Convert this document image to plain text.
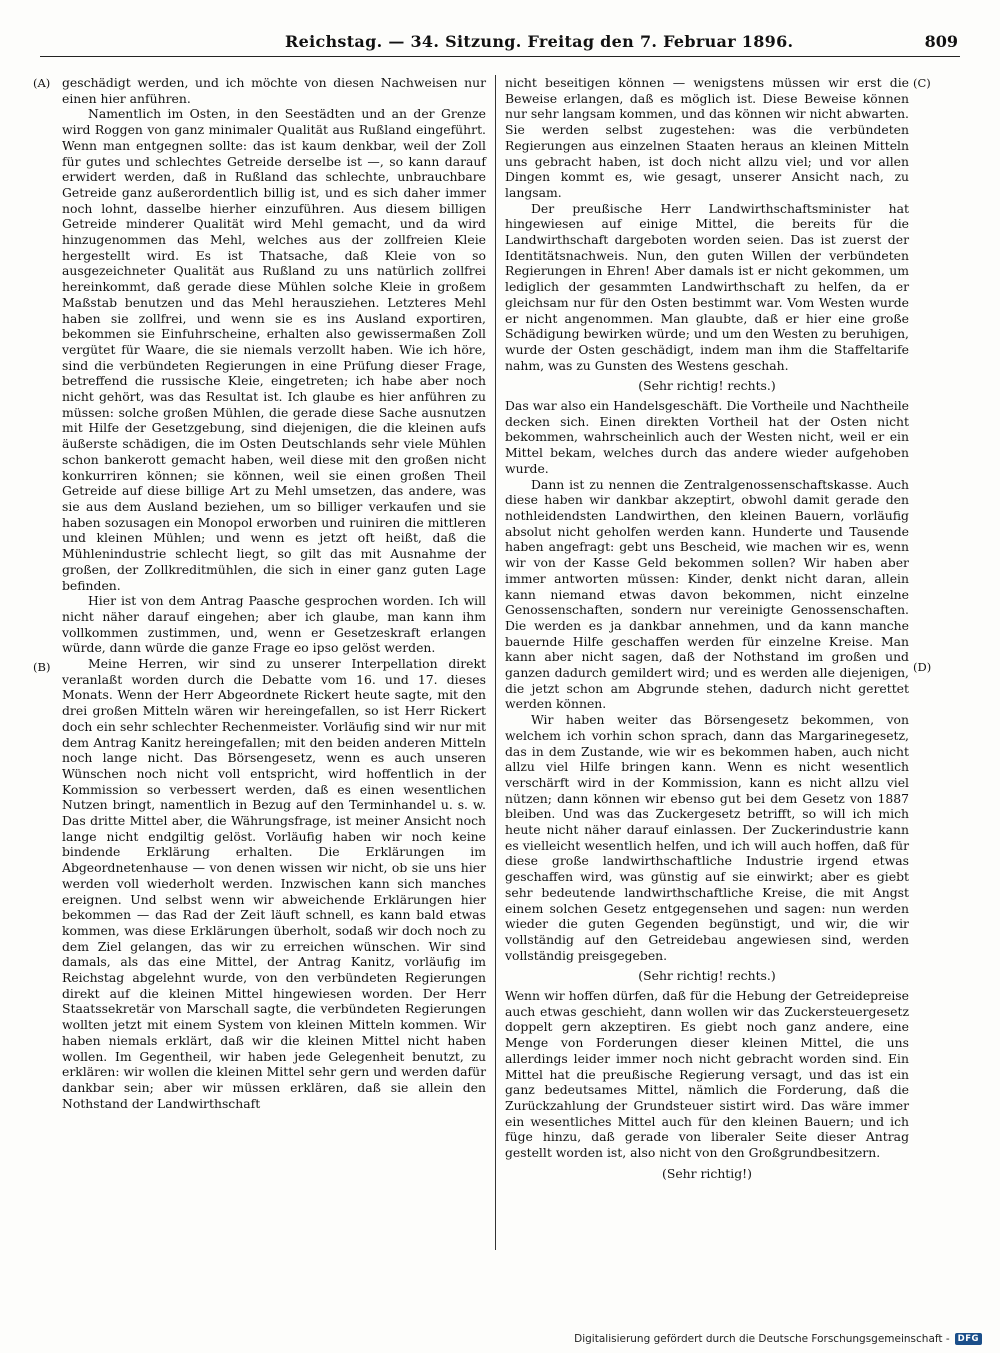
Reichstag. — 34. Sitzung. Freitag den 7. Februar 1896.	809
(A)
(B)
(C)
(D)

geschädigt werden, und ich möchte von diesen Nachweisen nur einen hier anführen.

Namentlich im Osten, in den Seestädten und an der Grenze wird Roggen von ganz minimaler Qualität aus Rußland eingeführt. Wenn man entgegnen sollte: das ist kaum denkbar, weil der Zoll für gutes und schlechtes Getreide derselbe ist —, so kann darauf erwidert werden, daß in Rußland das schlechte, unbrauchbare Getreide ganz außerordentlich billig ist, und es sich daher immer noch lohnt, dasselbe hierher einzuführen. Aus diesem billigen Getreide minderer Qualität wird Mehl gemacht, und da wird hinzugenommen das Mehl, welches aus der zollfreien Kleie hergestellt wird. Es ist Thatsache, daß Kleie von so ausgezeichneter Qualität aus Rußland zu uns natürlich zollfrei hereinkommt, daß gerade diese Mühlen solche Kleie in großem Maßstab benutzen und das Mehl herausziehen. Letzteres Mehl haben sie zollfrei, und wenn sie es ins Ausland exportiren, bekommen sie Einfuhrscheine, erhalten also gewissermaßen Zoll vergütet für Waare, die sie niemals verzollt haben. Wie ich höre, sind die verbündeten Regierungen in eine Prüfung dieser Frage, betreffend die russische Kleie, eingetreten; ich habe aber noch nicht gehört, was das Resultat ist. Ich glaube es hier anführen zu müssen: solche großen Mühlen, die gerade diese Sache ausnutzen mit Hilfe der Gesetzgebung, sind diejenigen, die die kleinen aufs äußerste schädigen, die im Osten Deutschlands sehr viele Mühlen schon bankerott gemacht haben, weil diese mit den großen nicht konkurriren können; sie können, weil sie einen großen Theil Getreide auf diese billige Art zu Mehl umsetzen, das andere, was sie aus dem Ausland beziehen, um so billiger verkaufen und sie haben sozusagen ein Monopol erworben und ruiniren die mittleren und kleinen Mühlen; und wenn es jetzt oft heißt, daß die Mühlenindustrie schlecht liegt, so gilt das mit Ausnahme der großen, der Zollkreditmühlen, die sich in einer ganz guten Lage befinden.

Hier ist von dem Antrag Paasche gesprochen worden. Ich will nicht näher darauf eingehen; aber ich glaube, man kann ihm vollkommen zustimmen, und, wenn er Gesetzeskraft erlangen würde, dann würde die ganze Frage eo ipso gelöst werden.

Meine Herren, wir sind zu unserer Interpellation direkt veranlaßt worden durch die Debatte vom 16. und 17. dieses Monats. Wenn der Herr Abgeordnete Rickert heute sagte, mit den drei großen Mitteln wären wir hereingefallen, so ist Herr Rickert doch ein sehr schlechter Rechenmeister. Vorläufig sind wir nur mit dem Antrag Kanitz hereingefallen; mit den beiden anderen Mitteln noch lange nicht. Das Börsengesetz, wenn es auch unseren Wünschen noch nicht voll entspricht, wird hoffentlich in der Kommission so verbessert werden, daß es einen wesentlichen Nutzen bringt, namentlich in Bezug auf den Terminhandel u. s. w. Das dritte Mittel aber, die Währungsfrage, ist meiner Ansicht noch lange nicht endgiltig gelöst. Vorläufig haben wir noch keine bindende Erklärung erhalten. Die Erklärungen im Abgeordnetenhause — von denen wissen wir nicht, ob sie uns hier werden voll wiederholt werden. Inzwischen kann sich manches ereignen. Und selbst wenn wir abweichende Erklärungen hier bekommen — das Rad der Zeit läuft schnell, es kann bald etwas kommen, was diese Erklärungen überholt, sodaß wir doch noch zu dem Ziel gelangen, das wir zu erreichen wünschen. Wir sind damals, als das eine Mittel, der Antrag Kanitz, vorläufig im Reichstag abgelehnt wurde, von den verbündeten Regierungen direkt auf die kleinen Mittel hingewiesen worden. Der Herr Staatssekretär von Marschall sagte, die verbündeten Regierungen wollten jetzt mit einem System von kleinen Mitteln kommen. Wir haben niemals erklärt, daß wir die kleinen Mittel nicht haben wollen. Im Gegentheil, wir haben jede Gelegenheit benutzt, zu erklären: wir wollen die kleinen Mittel sehr gern und werden dafür dankbar sein; aber wir müssen erklären, daß sie allein den Nothstand der Landwirthschaft

nicht beseitigen können — wenigstens müssen wir erst die Beweise erlangen, daß es möglich ist. Diese Beweise können nur sehr langsam kommen, und das können wir nicht abwarten. Sie werden selbst zugestehen: was die verbündeten Regierungen aus einzelnen Staaten heraus an kleinen Mitteln uns gebracht haben, ist doch nicht allzu viel; und vor allen Dingen kommt es, wie gesagt, unserer Ansicht nach, zu langsam.

Der preußische Herr Landwirthschaftsminister hat hingewiesen auf einige Mittel, die bereits für die Landwirthschaft dargeboten worden seien. Das ist zuerst der Identitätsnachweis. Nun, den guten Willen der verbündeten Regierungen in Ehren! Aber damals ist er nicht gekommen, um lediglich der gesammten Landwirthschaft zu helfen, da er gleichsam nur für den Osten bestimmt war. Vom Westen wurde er nicht angenommen. Man glaubte, daß er hier eine große Schädigung bewirken würde; und um den Westen zu beruhigen, wurde der Osten geschädigt, indem man ihm die Staffeltarife nahm, was zu Gunsten des Westens geschah.

(Sehr richtig! rechts.)

Das war also ein Handelsgeschäft. Die Vortheile und Nachtheile decken sich. Einen direkten Vortheil hat der Osten nicht bekommen, wahrscheinlich auch der Westen nicht, weil er ein Mittel bekam, welches durch das andere wieder aufgehoben wurde.

Dann ist zu nennen die Zentralgenossenschaftskasse. Auch diese haben wir dankbar akzeptirt, obwohl damit gerade den nothleidendsten Landwirthen, den kleinen Bauern, vorläufig absolut nicht geholfen werden kann. Hunderte und Tausende haben angefragt: gebt uns Bescheid, wie machen wir es, wenn wir von der Kasse Geld bekommen sollen? Wir haben aber immer antworten müssen: Kinder, denkt nicht daran, allein kann niemand etwas davon bekommen, nicht einzelne Genossenschaften, sondern nur vereinigte Genossenschaften. Die werden es ja dankbar annehmen, und da kann manche bauernde Hilfe geschaffen werden für einzelne Kreise. Man kann aber nicht sagen, daß der Nothstand im großen und ganzen dadurch gemildert wird; und es werden alle diejenigen, die jetzt schon am Abgrunde stehen, dadurch nicht gerettet werden können.

Wir haben weiter das Börsengesetz bekommen, von welchem ich vorhin schon sprach, dann das Margarinegesetz, das in dem Zustande, wie wir es bekommen haben, auch nicht allzu viel Hilfe bringen kann. Wenn es nicht wesentlich verschärft wird in der Kommission, kann es nicht allzu viel nützen; dann können wir ebenso gut bei dem Gesetz von 1887 bleiben. Und was das Zuckergesetz betrifft, so will ich mich heute nicht näher darauf einlassen. Der Zuckerindustrie kann es vielleicht wesentlich helfen, und ich will auch hoffen, daß für diese große landwirthschaftliche Industrie irgend etwas geschaffen wird, was günstig auf sie einwirkt; aber es giebt sehr bedeutende landwirthschaftliche Kreise, die mit Angst einem solchen Gesetz entgegensehen und sagen: nun werden wieder die guten Gegenden begünstigt, und wir, die wir vollständig auf den Getreidebau angewiesen sind, werden vollständig preisgegeben.

(Sehr richtig! rechts.)

Wenn wir hoffen dürfen, daß für die Hebung der Getreidepreise auch etwas geschieht, dann wollen wir das Zuckersteuergesetz doppelt gern akzeptiren. Es giebt noch ganz andere, eine Menge von Forderungen dieser kleinen Mittel, die uns allerdings leider immer noch nicht gebracht worden sind. Ein Mittel hat die preußische Regierung versagt, und das ist ein ganz bedeutsames Mittel, nämlich die Forderung, daß die Zurückzahlung der Grundsteuer sistirt wird. Das wäre immer ein wesentliches Mittel auch für den kleinen Bauern; und ich füge hinzu, daß gerade von liberaler Seite dieser Antrag gestellt worden ist, also nicht von den Großgrundbesitzern.

(Sehr richtig!)

Digitalisierung gefördert durch die Deutsche Forschungsgemeinschaft - DFG
